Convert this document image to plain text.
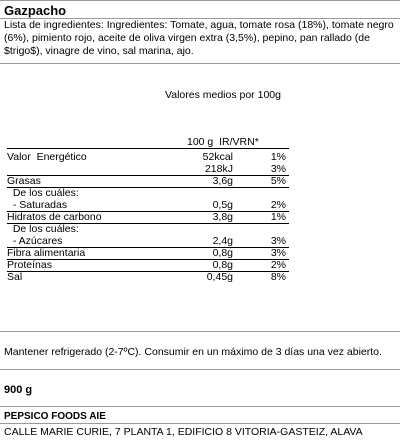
Gazpacho
Lista de ingredientes: Ingredientes: Tomate, agua, tomate rosa (18%), tomate negro (6%), pimiento rojo, aceite de oliva virgen extra (3,5%), pepino, pan rallado (de $trigo$), vinagre de vino, sal marina, ajo.
Valores medios por 100g
100 g  IR/VRN*
Valor  Energético	52kcal	1%
218kJ	3%
Grasas	3,6g	5%
De los cuáles:
- Saturadas	0,5g	2%
Hidratos de carbono	3,8g	1%
De los cuáles:
- Azúcares	2,4g	3%
Fibra alimentaria	0,8g	3%
Proteínas	0,8g	2%
Sal	0,45g	8%
Mantener refrigerado (2-7ºC). Consumir en un máximo de 3 días una vez abierto.
900 g
PEPSICO FOODS AIE
CALLE MARIE CURIE, 7 PLANTA 1, EDIFICIO 8 VITORIA-GASTEIZ, ALAVA
